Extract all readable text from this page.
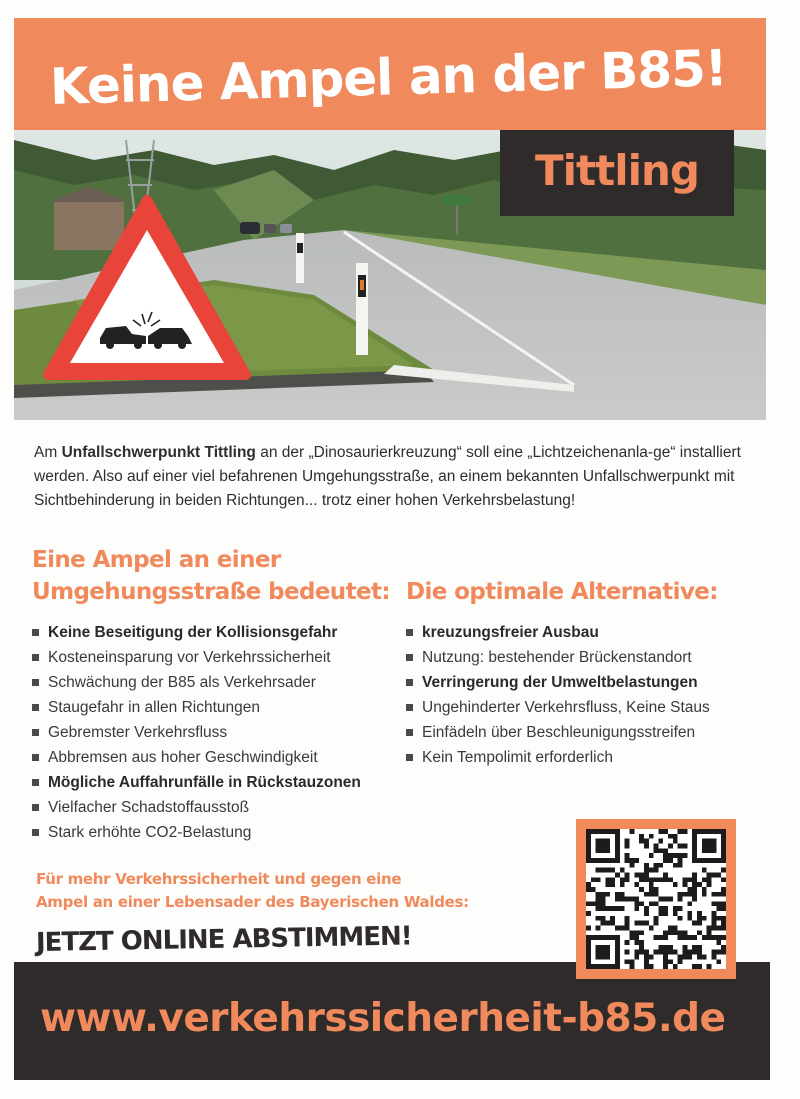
Keine Ampel an der B85!
Tittling

Am Unfallschwerpunkt Tittling an der „Dinosaurierkreuzung“ soll eine „Lichtzeichenanla-ge“ installiert werden. Also auf einer viel befahrenen Umgehungsstraße, an einem bekannten Unfallschwerpunkt mit Sichtbehinderung in beiden Richtungen... trotz einer hohen Verkehrsbelastung!

Eine Ampel an einer
Umgehungsstraße bedeutet:
Keine Beseitigung der Kollisionsgefahr
Kosteneinsparung vor Verkehrssicherheit
Schwächung der B85 als Verkehrsader
Staugefahr in allen Richtungen
Gebremster Verkehrsfluss
Abbremsen aus hoher Geschwindigkeit
Mögliche Auffahrunfälle in Rückstauzonen
Vielfacher Schadstoffausstoß
Stark erhöhte CO2-Belastung
Die optimale Alternative:
kreuzungsfreier Ausbau
Nutzung: bestehender Brückenstandort
Verringerung der Umweltbelastungen
Ungehinderter Verkehrsfluss, Keine Staus
Einfädeln über Beschleunigungsstreifen
Kein Tempolimit erforderlich
Für mehr Verkehrssicherheit und gegen eine
Ampel an einer Lebensader des Bayerischen Waldes:
JETZT ONLINE ABSTIMMEN!
www.verkehrssicherheit-b85.de
